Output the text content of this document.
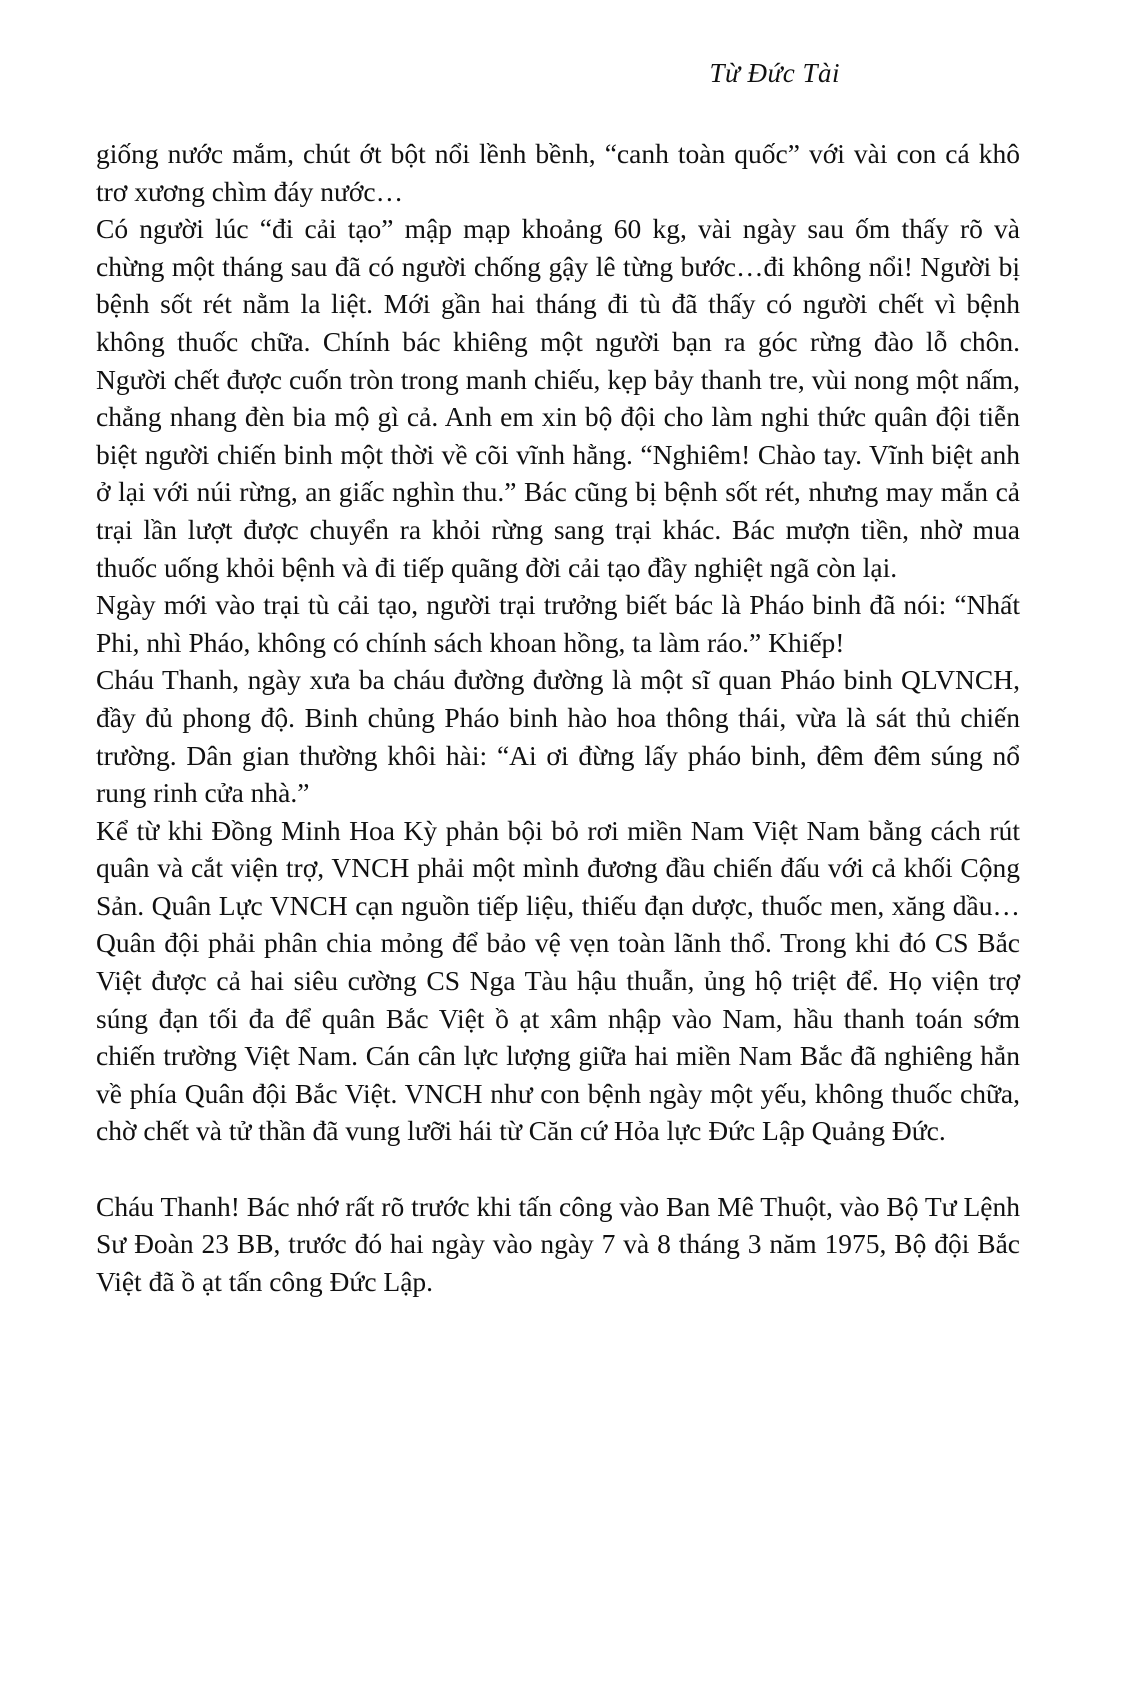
Từ Đức Tài

giống nước mắm, chút ớt bột nổi lềnh bềnh, “canh toàn quốc” với vài con cá khô trơ xương chìm đáy nước…

Có người lúc “đi cải tạo” mập mạp khoảng 60 kg, vài ngày sau ốm thấy rõ và chừng một tháng sau đã có người chống gậy lê từng bước…đi không nổi! Người bị bệnh sốt rét nằm la liệt. Mới gần hai tháng đi tù đã thấy có người chết vì bệnh không thuốc chữa. Chính bác khiêng một người bạn ra góc rừng đào lỗ chôn. Người chết được cuốn tròn trong manh chiếu, kẹp bảy thanh tre, vùi nong một nấm, chẳng nhang đèn bia mộ gì cả. Anh em xin bộ đội cho làm nghi thức quân đội tiễn biệt người chiến binh một thời về cõi vĩnh hằng. “Nghiêm! Chào tay. Vĩnh biệt anh ở lại với núi rừng, an giấc nghìn thu.” Bác cũng bị bệnh sốt rét, nhưng may mắn cả trại lần lượt được chuyển ra khỏi rừng sang trại khác. Bác mượn tiền, nhờ mua thuốc uống khỏi bệnh và đi tiếp quãng đời cải tạo đầy nghiệt ngã còn lại.

Ngày mới vào trại tù cải tạo, người trại trưởng biết bác là Pháo binh đã nói: “Nhất Phi, nhì Pháo, không có chính sách khoan hồng, ta làm ráo.” Khiếp!

Cháu Thanh, ngày xưa ba cháu đường đường là một sĩ quan Pháo binh QLVNCH, đầy đủ phong độ. Binh chủng Pháo binh hào hoa thông thái, vừa là sát thủ chiến trường. Dân gian thường khôi hài: “Ai ơi đừng lấy pháo binh, đêm đêm súng nổ rung rinh cửa nhà.”

Kể từ khi Đồng Minh Hoa Kỳ phản bội bỏ rơi miền Nam Việt Nam bằng cách rút quân và cắt viện trợ, VNCH phải một mình đương đầu chiến đấu với cả khối Cộng Sản. Quân Lực VNCH cạn nguồn tiếp liệu, thiếu đạn dược, thuốc men, xăng dầu…Quân đội phải phân chia mỏng để bảo vệ vẹn toàn lãnh thổ. Trong khi đó CS Bắc Việt được cả hai siêu cường CS Nga Tàu hậu thuẫn, ủng hộ triệt để. Họ viện trợ súng đạn tối đa để quân Bắc Việt ồ ạt xâm nhập vào Nam, hầu thanh toán sớm chiến trường Việt Nam. Cán cân lực lượng giữa hai miền Nam Bắc đã nghiêng hẳn về phía Quân đội Bắc Việt. VNCH như con bệnh ngày một yếu, không thuốc chữa, chờ chết và tử thần đã vung lưỡi hái từ Căn cứ Hỏa lực Đức Lập Quảng Đức.

Cháu Thanh! Bác nhớ rất rõ trước khi tấn công vào Ban Mê Thuột, vào Bộ Tư Lệnh Sư Đoàn 23 BB, trước đó hai ngày vào ngày 7 và 8 tháng 3 năm 1975, Bộ đội Bắc Việt đã ồ ạt tấn công Đức Lập.
